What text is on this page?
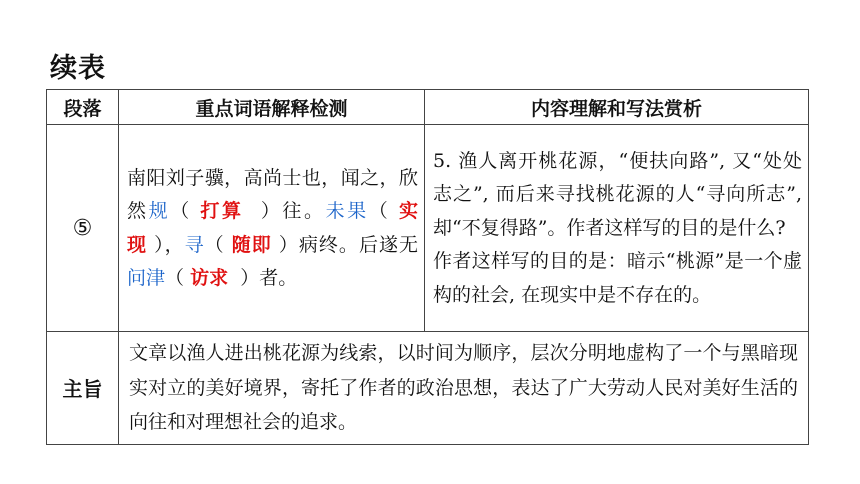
续表
段落	重点词语解释检测	内容理解和写法赏析
⑤	南阳刘子骥，高尚士也，闻之，欣然规（ 打算 ）往。未果（ 实现 ），寻（ 随即 ）病终。后遂无问津（ 访求 ）者。	5. 渔人离开桃花源，“便扶向路”, 又“处处志之”, 而后来寻找桃花源的人“寻向所志”, 却“不复得路”。作者这样写的目的是什么?
作者这样写的目的是：暗示“桃源”是一个虚构的社会, 在现实中是不存在的。

主旨	文章以渔人进出桃花源为线索，以时间为顺序，层次分明地虚构了一个与黑暗现实对立的美好境界，寄托了作者的政治思想，表达了广大劳动人民对美好生活的向往和对理想社会的追求。	
